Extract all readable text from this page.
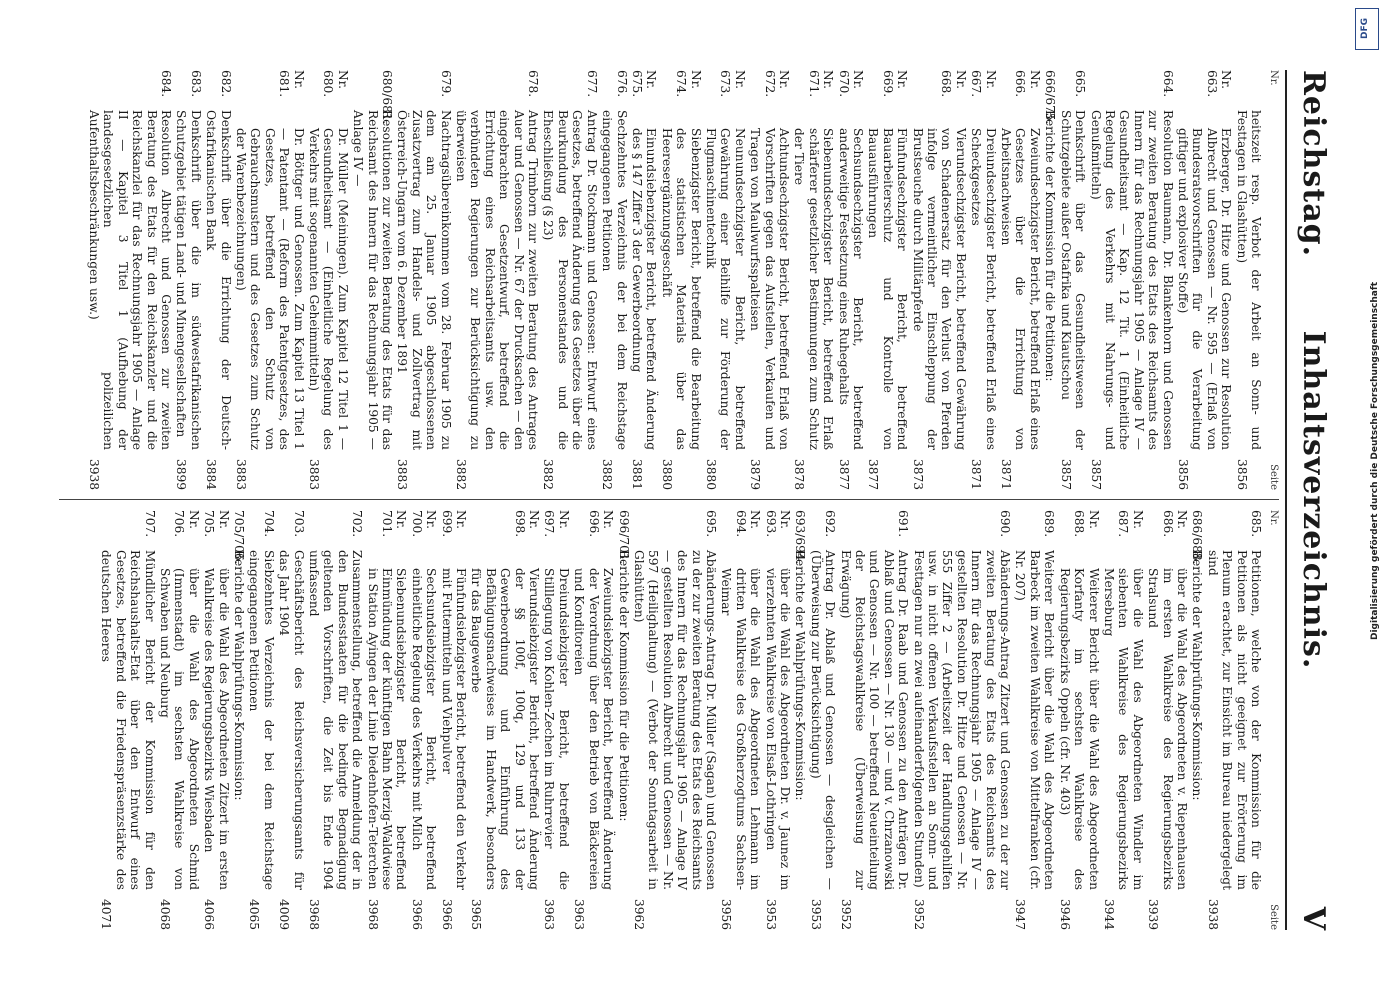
Reichstag.
Inhaltsverzeichnis.
V
Nr.
Seite
heitszeit resp. Verbot der Arbeit an Sonn- und Festtagen in Glashütten)
3856
Nr. 663.
Erzberger, Dr. Hitze und Genossen zur Resolution Albrecht und Genossen — Nr. 595 — (Erlaß von Bundesratsvorschriften für die Verarbeitung giftiger und explosiver Stoffe)
3856
664.
Resolution Baumann, Dr. Blankenhorn und Genossen zur zweiten Beratung des Etats des Reichsamts des Innern für das Rechnungsjahr 1905 — Anlage IV — Gesundheitsamt — Kap. 12 Tit. 1 (Einheitliche Regelung des Verkehrs mit Nahrungs- und Genußmitteln)
3857
665.
Denkschrift über das Gesundheitswesen der Schutzgebiete außer Ostafrika und Kiautschou
3857
666/675.
Berichte der Kommission für die Petitionen:
Nr. 666.
Zweiundsechzigster Bericht, betreffend Erlaß eines Gesetzes über die Errichtung von Arbeitsnachweisen
3871
Nr. 667.
Dreiundsechzigster Bericht, betreffend Erlaß eines Scheckgesetzes
3871
Nr. 668.
Vierundsechzigster Bericht, betreffend Gewährung von Schadenersatz für den Verlust von Pferden infolge vermeintlicher Einschleppung der Brustseuche durch Militärpferde
3873
Nr. 669.
Fünfundsechzigster Bericht, betreffend Bauarbeiterschutz und Kontrolle von Bauausführungen
3877
Nr. 670.
Sechsundsechzigster Bericht, betreffend anderweitige Festsetzung eines Ruhegehalts
3877
Nr. 671.
Siebenundsechzigster Bericht, betreffend Erlaß schärferer gesetzlicher Bestimmungen zum Schutz der Tiere
3878
Nr. 672.
Achtundsechzigster Bericht, betreffend Erlaß von Vorschriften gegen das Aufstellen, Verkaufen und Tragen von Maulwurfsspalteisen
3879
Nr. 673.
Neunundsechzigster Bericht, betreffend Gewährung einer Beihilfe zur Förderung der Flugmaschinentechnik
3880
Nr. 674.
Siebenzigster Bericht, betreffend die Bearbeitung des statistischen Materials über das Heeresergänzungsgeschäft
3880
Nr. 675.
Einundsiebenzigster Bericht, betreffend Änderung des § 147 Ziffer 3 der Gewerbeordnung
3881
676.
Sechzehntes Verzeichnis der bei dem Reichstage eingegangenen Petitionen
3882
677.
Antrag Dr. Stockmann und Genossen: Entwurf eines Gesetzes, betreffend Änderung des Gesetzes über die Beurkundung des Personenstandes und die Eheschließung (§ 23)
3882
678.
Antrag Trimborn zur zweiten Beratung des Antrages Auer und Genossen — Nr. 67 der Drucksachen — den eingebrachten Gesetzentwurf, betreffend die Errichtung eines Reichsarbeitsamts usw. den verbündeten Regierungen zur Berücksichtigung zu überweisen
3882
679.
Nachtragsübereinkommen vom 28. Februar 1905 zu dem am 25. Januar 1905 abgeschlossenen Zusatzvertrag zum Handels- und Zollvertrag mit Österreich-Ungarn vom 6. Dezember 1891
3883
680/681.
Resolutionen zur zweiten Beratung des Etats für das Reichsamt des Innern für das Rechnungsjahr 1905 — Anlage IV —
Nr. 680.
Dr. Müller (Meiningen). Zum Kapitel 12 Titel 1 — Gesundheitsamt — (Einheitliche Regelung des Verkehrs mit sogenannten Geheimmitteln)
3883
Nr. 681.
Dr. Böttger und Genossen. Zum Kapitel 13 Titel 1 — Patentamt — (Reform des Patentgesetzes, des Gesetzes, betreffend den Schutz von Gebrauchsmustern und des Gesetzes zum Schutz der Warenbezeichnungen)
3883
682.
Denkschrift über die Errichtung der Deutsch-Ostafrikanischen Bank
3884
683.
Denkschrift über die im südwestafrikanischen Schutzgebiet tätigen Land- und Minengesellschaften
3899
684.
Resolution Albrecht und Genossen zur zweiten Beratung des Etats für den Reichskanzler und die Reichskanzlei für das Rechnungsjahr 1905 — Anlage II — Kapitel 3 Titel 1 (Aufhebung der landesgesetzlichen polizeilichen Aufenthaltsbeschränkungen usw.)
3938
Nr.
Seite
685.
Petitionen, welche von der Kommission für die Petitionen als nicht geeignet zur Erörterung im Plenum erachtet, zur Einsicht im Bureau niedergelegt sind
3938
686/688.
Berichte der Wahlprüfungs-Kommission:
Nr. 686.
über die Wahl des Abgeordneten v. Riepenhausen im ersten Wahlkreise des Regierungsbezirks Stralsund
3939
Nr. 687.
über die Wahl des Abgeordneten Windler im siebenten Wahlkreise des Regierungsbezirks Merseburg
3944
Nr. 688.
Weiterer Bericht über die Wahl des Abgeordneten Korfanty im sechsten Wahlkreise des Regierungsbezirks Oppeln (cfr. Nr. 403)
3946
689.
Weiterer Bericht über die Wahl des Abgeordneten Barbeck im zweiten Wahlkreise von Mittelfranken (cfr. Nr. 207)
3947
690.
Abänderungs-Antrag Zitzert und Genossen zu der zur zweiten Beratung des Etats des Reichsamts des Innern für das Rechnungsjahr 1905 — Anlage IV — gestellten Resolution Dr. Hitze und Genossen — Nr. 555 Ziffer 2 — (Arbeitszeit der Handlungsgehilfen usw. in nicht offenen Verkaufsstellen an Sonn- und Festtagen nur an zwei aufeinanderfolgenden Stunden)
3952
691.
Antrag Dr. Raab und Genossen zu den Anträgen Dr. Ablaß und Genossen — Nr. 130 — und v. Chrzanowski und Genossen — Nr. 100 — betreffend Neueinteilung der Reichstagswahlkreise (Überweisung zur Erwägung)
3952
692.
Antrag Dr. Ablaß und Genossen — desgleichen — (Überweisung zur Berücksichtigung)
3953
693/694.
Berichte der Wahlprüfungs-Kommission:
Nr. 693.
über die Wahl des Abgeordneten Dr. v. Jaunez im vierzehnten Wahlkreise von Elsaß-Lothringen
3953
Nr. 694.
über die Wahl des Abgeordneten Lehmann im dritten Wahlkreise des Großherzogtums Sachsen-Weimar
3956
695.
Abänderungs-Antrag Dr. Müller (Sagan) und Genossen zu der zur zweiten Beratung des Etats des Reichsamts des Innern für das Rechnungsjahr 1905 — Anlage IV — gestellten Resolution Albrecht und Genossen — Nr. 597 (Heilighaltung) — (Verbot der Sonntagsarbeit in Glashütten)
3962
696/701.
Berichte der Kommission für die Petitionen:
Nr. 696.
Zweiundsiebzigster Bericht, betreffend Änderung der Verordnung über den Betrieb von Bäckereien und Konditoreien
3963
Nr. 697.
Dreiundsiebzigster Bericht, betreffend die Stilllegung von Kohlen-Zechen im Ruhrrevier
3963
Nr. 698.
Vierundsiebzigster Bericht, betreffend Änderung der §§ 100f, 100q, 129 und 133 der Gewerbeordnung und Einführung des Befähigungsnachweises im Handwerk, besonders für das Baugewerbe
3965
Nr. 699.
Fünfundsiebzigster Bericht, betreffend den Verkehr mit Futtermitteln und Viehpulver
3966
Nr. 700.
Sechsundsiebzigster Bericht, betreffend einheitliche Regelung des Verkehrs mit Milch
3966
Nr. 701.
Siebenundsiebzigster Bericht, betreffend Einmündung der künftigen Bahn Merzig-Waldwiese in Station Ayingen der Linie Diedenhofen-Teterchen
3968
702.
Zusammenstellung, betreffend die Anmeldung der in den Bundesstaaten für die bedingte Begnadigung geltenden Vorschriften, die Zeit bis Ende 1904 umfassend
3968
703.
Geschäftsbericht des Reichsversicherungsamts für das Jahr 1904
4009
704.
Siebzehntes Verzeichnis der bei dem Reichstage eingegangenen Petitionen
4065
705/706.
Berichte der Wahlprüfungs-Kommission:
Nr. 705.
über die Wahl des Abgeordneten Zitzert im ersten Wahlkreise des Regierungsbezirks Wiesbaden
4066
Nr. 706.
über die Wahl des Abgeordneten Schmid (Immenstadt) im sechsten Wahlkreise von Schwaben und Neuburg
4068
707.
Mündlicher Bericht der Kommission für den Reichshaushalts-Etat über den Entwurf eines Gesetzes, betreffend die Friedenspräsenzstärke des deutschen Heeres
4071
DFG
Digitalisierung gefördert durch die Deutsche Forschungsgemeinschaft
